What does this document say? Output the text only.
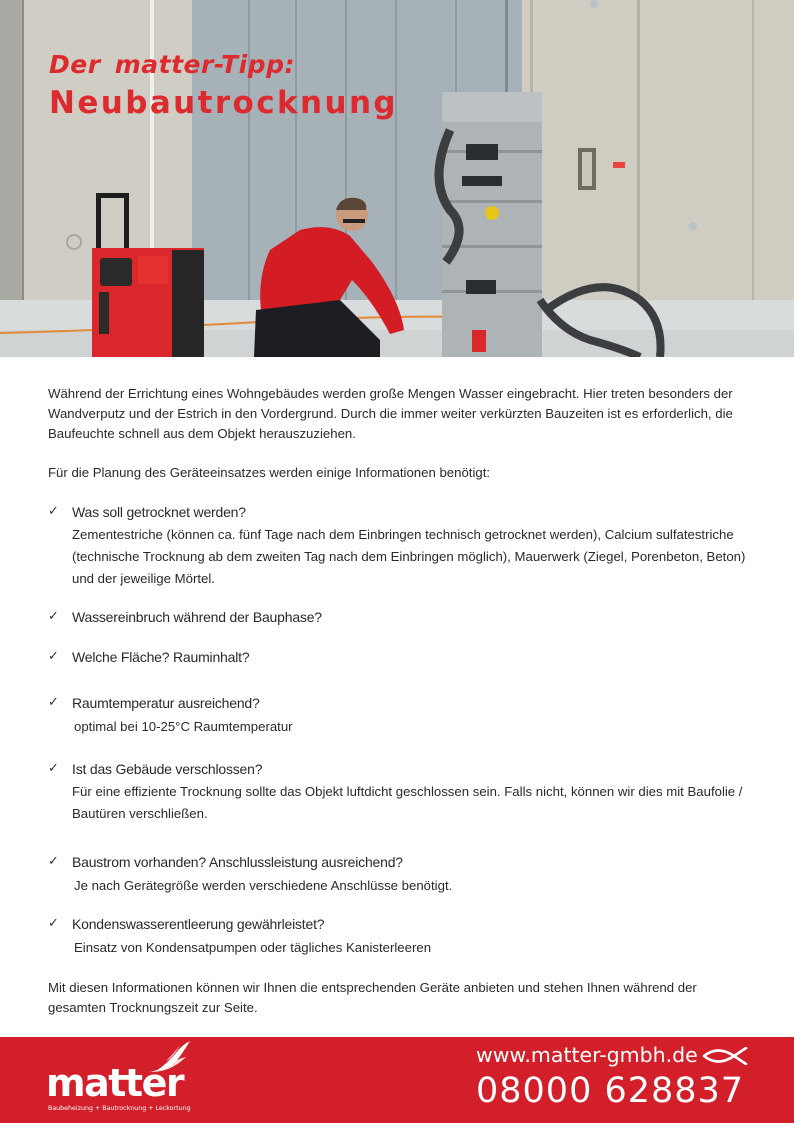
Der matter-Tipp:
Neubautrocknung

Während der Errichtung eines Wohngebäudes werden große Mengen Wasser eingebracht. Hier treten besonders der Wandverputz und der Estrich in den Vordergrund. Durch die immer weiter verkürzten Bauzeiten ist es erforderlich, die Baufeuchte schnell aus dem Objekt herauszuziehen.

Für die Planung des Geräteeinsatzes werden einige Informationen benötigt:

✓ Was soll getrocknet werden?
Zementestriche (können ca. fünf Tage nach dem Einbringen technisch getrocknet werden), Calcium sulfatestriche (technische Trocknung ab dem zweiten Tag nach dem Einbringen möglich), Mauerwerk (Ziegel, Porenbeton, Beton) und der jeweilige Mörtel.
✓ Wassereinbruch während der Bauphase?
✓ Welche Fläche? Rauminhalt?
✓ Raumtemperatur ausreichend?
optimal bei 10-25°C Raumtemperatur
✓ Ist das Gebäude verschlossen?
Für eine effiziente Trocknung sollte das Objekt luftdicht geschlossen sein. Falls nicht, können wir dies mit Baufolie / Bautüren verschließen.
✓ Baustrom vorhanden? Anschlussleistung ausreichend?
Je nach Gerätegröße werden verschiedene Anschlüsse benötigt.
✓ Kondenswasserentleerung gewährleistet?
Einsatz von Kondensatpumpen oder tägliches Kanisterleeren

Mit diesen Informationen können wir Ihnen die entsprechenden Geräte anbieten und stehen Ihnen während der gesamten Trocknungszeit zur Seite.

matter
Baubeheizung + Bautrocknung + Leckortung
www.matter-gmbh.de
08000 628837
